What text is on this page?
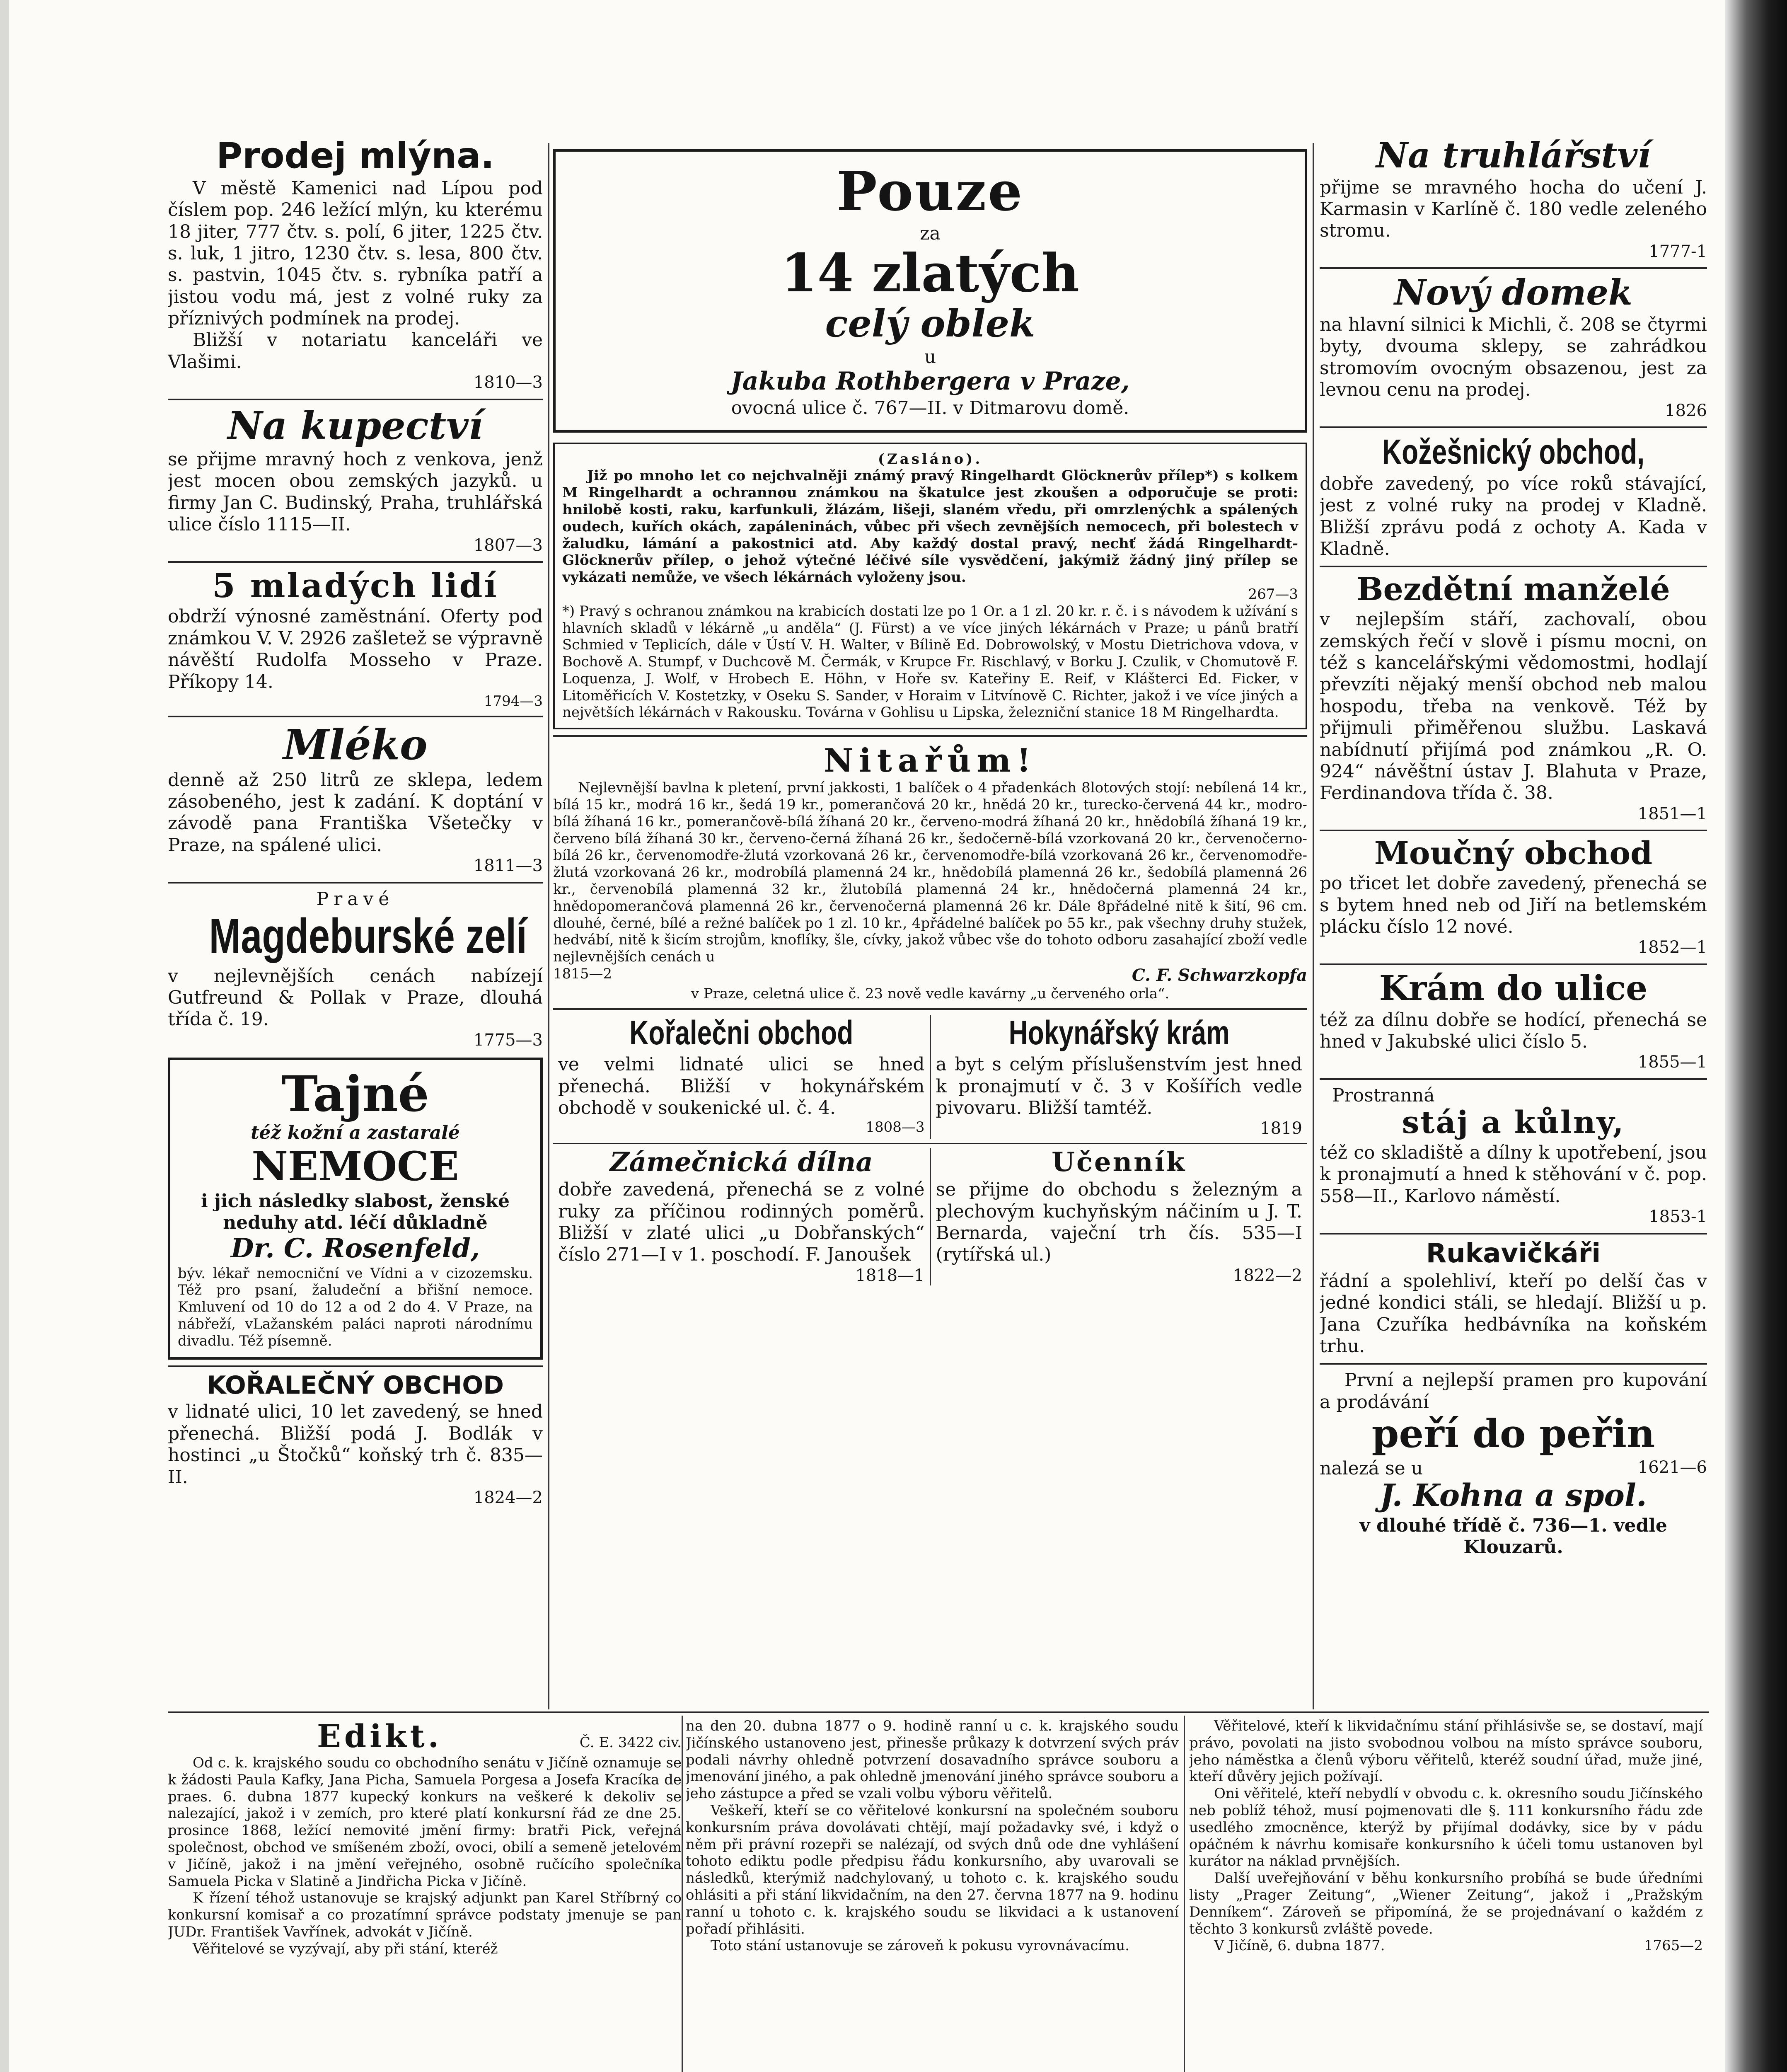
Prodej mlýna.

V městě Kamenici nad Lípou pod číslem pop. 246 ležící mlýn, ku kterému 18 jiter, 777 čtv. s. polí, 6 jiter, 1225 čtv. s. luk, 1 jitro, 1230 čtv. s. lesa, 800 čtv. s. pastvin, 1045 čtv. s. rybníka patří a jistou vodu má, jest z volné ruky za příznivých podmínek na prodej.

Bližší v notariatu kanceláři ve Vlašimi.

1810—3

Na kupectví

se přijme mravný hoch z venkova, jenž jest mocen obou zemských jazyků. u firmy Jan C. Budinský, Praha, truhlářská ulice číslo 1115—II.

1807—3

5 mladých lidí

obdrží výnosné zaměstnání. Oferty pod známkou V. V. 2926 zašletež se výpravně návěští Rudolfa Mosseho v Praze. Příkopy 14.

1794—3

Mléko

denně až 250 litrů ze sklepa, ledem zásobeného, jest k zadání. K doptání v závodě pana Františka Všetečky v Praze, na spálené ulici.

1811—3

Pravé
Magdeburské zelí

v nejlevnějších cenách nabízejí Gutfreund & Pollak v Praze, dlouhá třída č. 19.

1775—3

Tajné
též kožní a zastaralé
NEMOCE

i jich následky slabost, ženské neduhy atd. léčí důkladně

Dr. C. Rosenfeld,

býv. lékař nemocniční ve Vídni a v cizozemsku. Též pro psaní, žaludeční a břišní nemoce. Kmluvení od 10 do 12 a od 2 do 4. V Praze, na nábřeží, vLažanském paláci naproti národnímu divadlu. Též písemně.

KOŘALEČNÝ OBCHOD

v lidnaté ulici, 10 let zavedený, se hned přenechá. Bližší podá J. Bodlák v hostinci „u Štočků“ koňský trh č. 835—II.

1824—2

Pouze
za
14 zlatých
celý oblek
u
Jakuba Rothbergera v Praze,

ovocná ulice č. 767—II. v Ditmarovu domě.

(Zasláno).

Již po mnoho let co nejchvalněji známý pravý Ringelhardt Glöcknerův přílep*) s kolkem M Ringelhardt a ochrannou známkou na škatulce jest zkoušen a odporučuje se proti: hnilobě kosti, raku, karfunkuli, žlázám, lišeji, slaném vředu, při omrzlenýchk a spálených oudech, kuřích okách, zapáleninách, vůbec při všech zevnějších nemocech, při bolestech v žaludku, lámání a pakostnici atd. Aby každý dostal pravý, nechť žádá Ringelhardt-Glöcknerův přílep, o jehož výtečné léčivé síle vysvědčení, jakýmiž žádný jiný přílep se vykázati nemůže, ve všech lékárnách vyloženy jsou.

267—3

*) Pravý s ochranou známkou na krabicích dostati lze po 1 Or. a 1 zl. 20 kr. r. č. i s návodem k užívání s hlavních skladů v lékárně „u anděla“ (J. Fürst) a ve více jiných lékárnách v Praze; u pánů bratří Schmied v Teplicích, dále v Ústí V. H. Walter, v Bílině Ed. Dobrowolský, v Mostu Dietrichova vdova, v Bochově A. Stumpf, v Duchcově M. Čermák, v Krupce Fr. Rischlavý, v Borku J. Czulik, v Chomutově F. Loquenza, J. Wolf, v Hrobech E. Höhn, v Hoře sv. Kateřiny E. Reif, v Klášterci Ed. Ficker, v Litoměřicích V. Kostetzky, v Oseku S. Sander, v Horaim v Litvínově C. Richter, jakož i ve více jiných a největších lékárnách v Rakousku. Továrna v Gohlisu u Lipska, železniční stanice 18 M Ringelhardta.

Nitařům!

Nejlevnější bavlna k pletení, první jakkosti, 1 balíček o 4 přadenkách 8lotových stojí: nebílená 14 kr., bílá 15 kr., modrá 16 kr., šedá 19 kr., pomerančová 20 kr., hnědá 20 kr., turecko-červená 44 kr., modro-bílá žíhaná 16 kr., pomerančově-bílá žíhaná 20 kr., červeno-modrá žíhaná 20 kr., hnědobílá žíhaná 19 kr., červeno bílá žíhaná 30 kr., červeno-černá žíhaná 26 kr., šedočerně-bílá vzorkovaná 20 kr., červenočerno-bílá 26 kr., červenomodře-žlutá vzorkovaná 26 kr., červenomodře-bílá vzorkovaná 26 kr., červenomodře-žlutá vzorkovaná 26 kr., modrobílá plamenná 24 kr., hnědobílá plamenná 26 kr., šedobílá plamenná 26 kr., červenobílá plamenná 32 kr., žlutobílá plamenná 24 kr., hnědočerná plamenná 24 kr., hnědopomerančová plamenná 26 kr., červenočerná plamenná 26 kr. Dále 8přádelné nitě k šití, 96 cm. dlouhé, černé, bílé a režné balíček po 1 zl. 10 kr., 4přádelné balíček po 55 kr., pak všechny druhy stužek, hedvábí, nitě k šicím strojům, knoflíky, šle, cívky, jakož vůbec vše do tohoto odboru zasahající zboží vedle nejlevnějších cenách u

1815—2	C. F. Schwarzkopfa

v Praze, celetná ulice č. 23 nově vedle kavárny „u červeného orla“.

Kořalečni obchod

ve velmi lidnaté ulici se hned přenechá. Bližší v hokynářském obchodě v soukenické ul. č. 4.

1808—3

Hokynářský krám

a byt s celým příslušenstvím jest hned k pronajmutí v č. 3 v Košířích vedle pivovaru. Bližší tamtéž.

1819

Zámečnická dílna

dobře zavedená, přenechá se z volné ruky za příčinou rodinných poměrů. Bližší v zlaté ulici „u Dobřanských“ číslo 271—I v 1. poschodí. F. Janoušek

1818—1

Učenník

se přijme do obchodu s železným a plechovým kuchyňským náčiním u J. T. Bernarda, vaječní trh čís. 535—I (rytířská ul.)

1822—2

Na truhlářství

přijme se mravného hocha do učení J. Karmasin v Karlíně č. 180 vedle zeleného stromu.

1777-1

Nový domek

na hlavní silnici k Michli, č. 208 se čtyrmi byty, dvouma sklepy, se zahrádkou stromovím ovocným obsazenou, jest za levnou cenu na prodej.

1826

Kožešnický obchod,

dobře zavedený, po více roků stávající, jest z volné ruky na prodej v Kladně. Bližší zprávu podá z ochoty A. Kada v Kladně.

Bezdětní manželé

v nejlepším stáří, zachovalí, obou zemských řečí v slově i písmu mocni, on též s kancelářskými vědomostmi, hodlají převzíti nějaký menší obchod neb malou hospodu, třeba na venkově. Též by přijmuli přiměřenou službu. Laskavá nabídnutí přijímá pod známkou „R. O. 924“ návěštní ústav J. Blahuta v Praze, Ferdinandova třída č. 38.

1851—1

Moučný obchod

po třicet let dobře zavedený, přenechá se s bytem hned neb od Jiří na betlemském plácku číslo 12 nové.

1852—1

Krám do ulice

též za dílnu dobře se hodící, přenechá se hned v Jakubské ulici číslo 5.

1855—1

Prostranná
stáj a kůlny,

též co skladiště a dílny k upotřebení, jsou k pronajmutí a hned k stěhování v č. pop. 558—II., Karlovo náměstí.

1853-1

Rukavičkáři

řádní a spolehliví, kteří po delší čas v jedné kondici stáli, se hledají. Bližší u p. Jana Czuříka hedbávníka na koňském trhu.

První a nejlepší pramen pro kupování a prodávání

peří do peřin
nalezá se u	1621—6
J. Kohna a spol.

v dlouhé třídě č. 736—1. vedle Klouzarů.

Edikt.	Č. E. 3422 civ.

Od c. k. krajského soudu co obchodního senátu v Jičíně oznamuje se k žádosti Paula Kafky, Jana Picha, Samuela Porgesa a Josefa Kracíka de praes. 6. dubna 1877 kupecký konkurs na veškeré k dekoliv se nalezající, jakož i v zemích, pro které platí konkursní řád ze dne 25. prosince 1868, ležící nemovité jmění firmy: bratři Pick, veřejná společnost, obchod ve smíšeném zboží, ovoci, obilí a semeně jetelovém v Jičíně, jakož i na jmění veřejného, osobně ručícího společníka Samuela Picka v Slatině a Jindřicha Picka v Jičíně.

K řízení téhož ustanovuje se krajský adjunkt pan Karel Stříbrný co konkursní komisař a co prozatímní správce podstaty jmenuje se pan JUDr. František Vavřínek, advokát v Jičíně.

Věřitelové se vyzývají, aby při stání, kteréž

na den 20. dubna 1877 o 9. hodině ranní u c. k. krajského soudu Jičínského ustanoveno jest, přinesše průkazy k dotvrzení svých práv podali návrhy ohledně potvrzení dosavadního správce souboru a jmenování jiného, a pak ohledně jmenování jiného správce souboru a jeho zástupce a před se vzali volbu výboru věřitelů.

Veškeří, kteří se co věřitelové konkursní na společném souboru konkursním práva dovolávati chtějí, mají požadavky své, i když o něm při právní rozepři se nalézají, od svých dnů ode dne vyhlášení tohoto ediktu podle předpisu řádu konkursního, aby uvarovali se následků, kterýmiž nadchylovaný, u tohoto c. k. krajského soudu ohlásiti a při stání likvidačním, na den 27. června 1877 na 9. hodinu ranní u tohoto c. k. krajského soudu se likvidaci a k ustanovení pořadí přihlásiti.

Toto stání ustanovuje se zároveň k pokusu vyrovnávacímu.

Věřitelové, kteří k likvidačnímu stání přihlásivše se, se dostaví, mají právo, povolati na jisto svobodnou volbou na místo správce souboru, jeho náměstka a členů výboru věřitelů, kteréž soudní úřad, muže jiné, kteří důvěry jejich požívají.

Oni věřitelé, kteří nebydlí v obvodu c. k. okresního soudu Jičínského neb poblíž téhož, musí pojmenovati dle §. 111 konkursního řádu zde usedlého zmocněnce, kterýž by přijímal dodávky, sice by v pádu opáčném k návrhu komisaře konkursního k účeli tomu ustanoven byl kurátor na náklad prvnějších.

Další uveřejňování v běhu konkursního probíhá se bude úředními listy „Prager Zeitung“, „Wiener Zeitung“, jakož i „Pražským Denníkem“. Zároveň se připomíná, že se projednávaní o každém z těchto 3 konkursů zvláště povede.

V Jičíně, 6. dubna 1877.	1765—2
